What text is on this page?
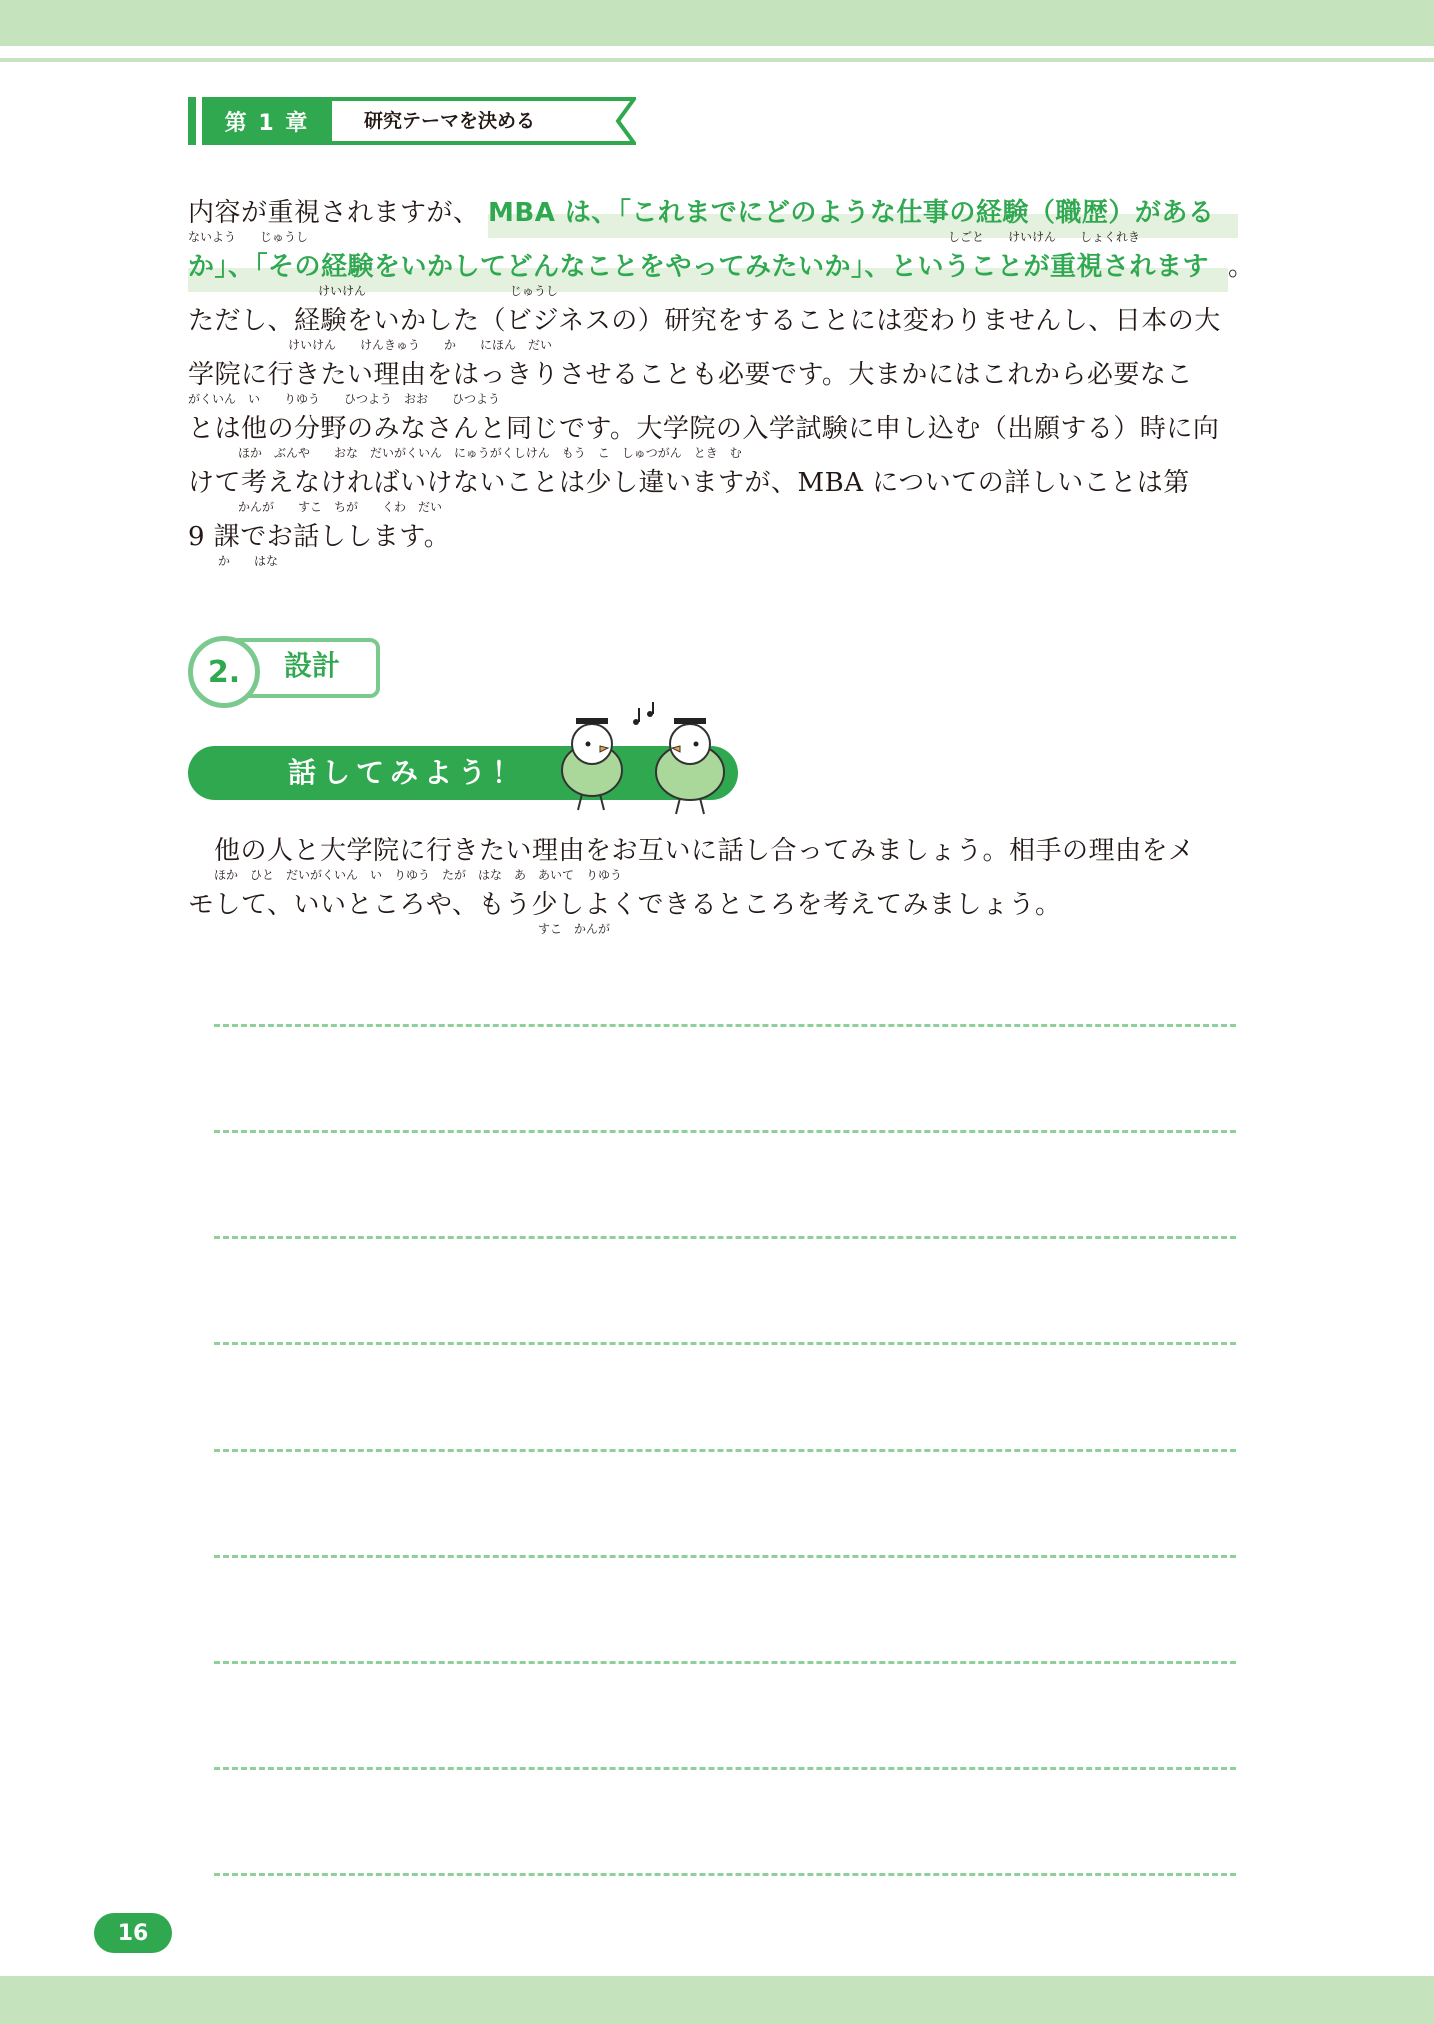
第 1 章	研究テーマを決める
内容が重視されますが、
ないよう　　じゅうし
MBA は、「これまでにどのような仕事の経験（職歴）がある
しごと　　けいけん　　しょくれき
か」、「その経験をいかしてどんなことをやってみたいか」、ということが重視されます
けいけん　　　　　　　　　　　　じゅうし
。
ただし、経験をいかした（ビジネスの）研究をすることには変わりませんし、日本の大
けいけん　　けんきゅう　　か　　にほん　だい
学院に行きたい理由をはっきりさせることも必要です。大まかにはこれから必要なこ
がくいん　い　　りゆう　　ひつよう　おお　　ひつよう
とは他の分野のみなさんと同じです。大学院の入学試験に申し込む（出願する）時に向
ほか　ぶんや　　おな　だいがくいん　にゅうがくしけん　もう　こ　しゅつがん　とき　む
けて考えなければいけないことは少し違いますが、MBA についての詳しいことは第
かんが　　すこ　ちが　　くわ　だい
9 課でお話しします。
か　　はな
2.	設計
話してみよう！
他の人と大学院に行きたい理由をお互いに話し合ってみましょう。相手の理由をメ
ほか　ひと　だいがくいん　い　りゆう　たが　はな　あ　あいて　りゆう
モして、いいところや、もう少しよくできるところを考えてみましょう。
すこ　かんが
16
